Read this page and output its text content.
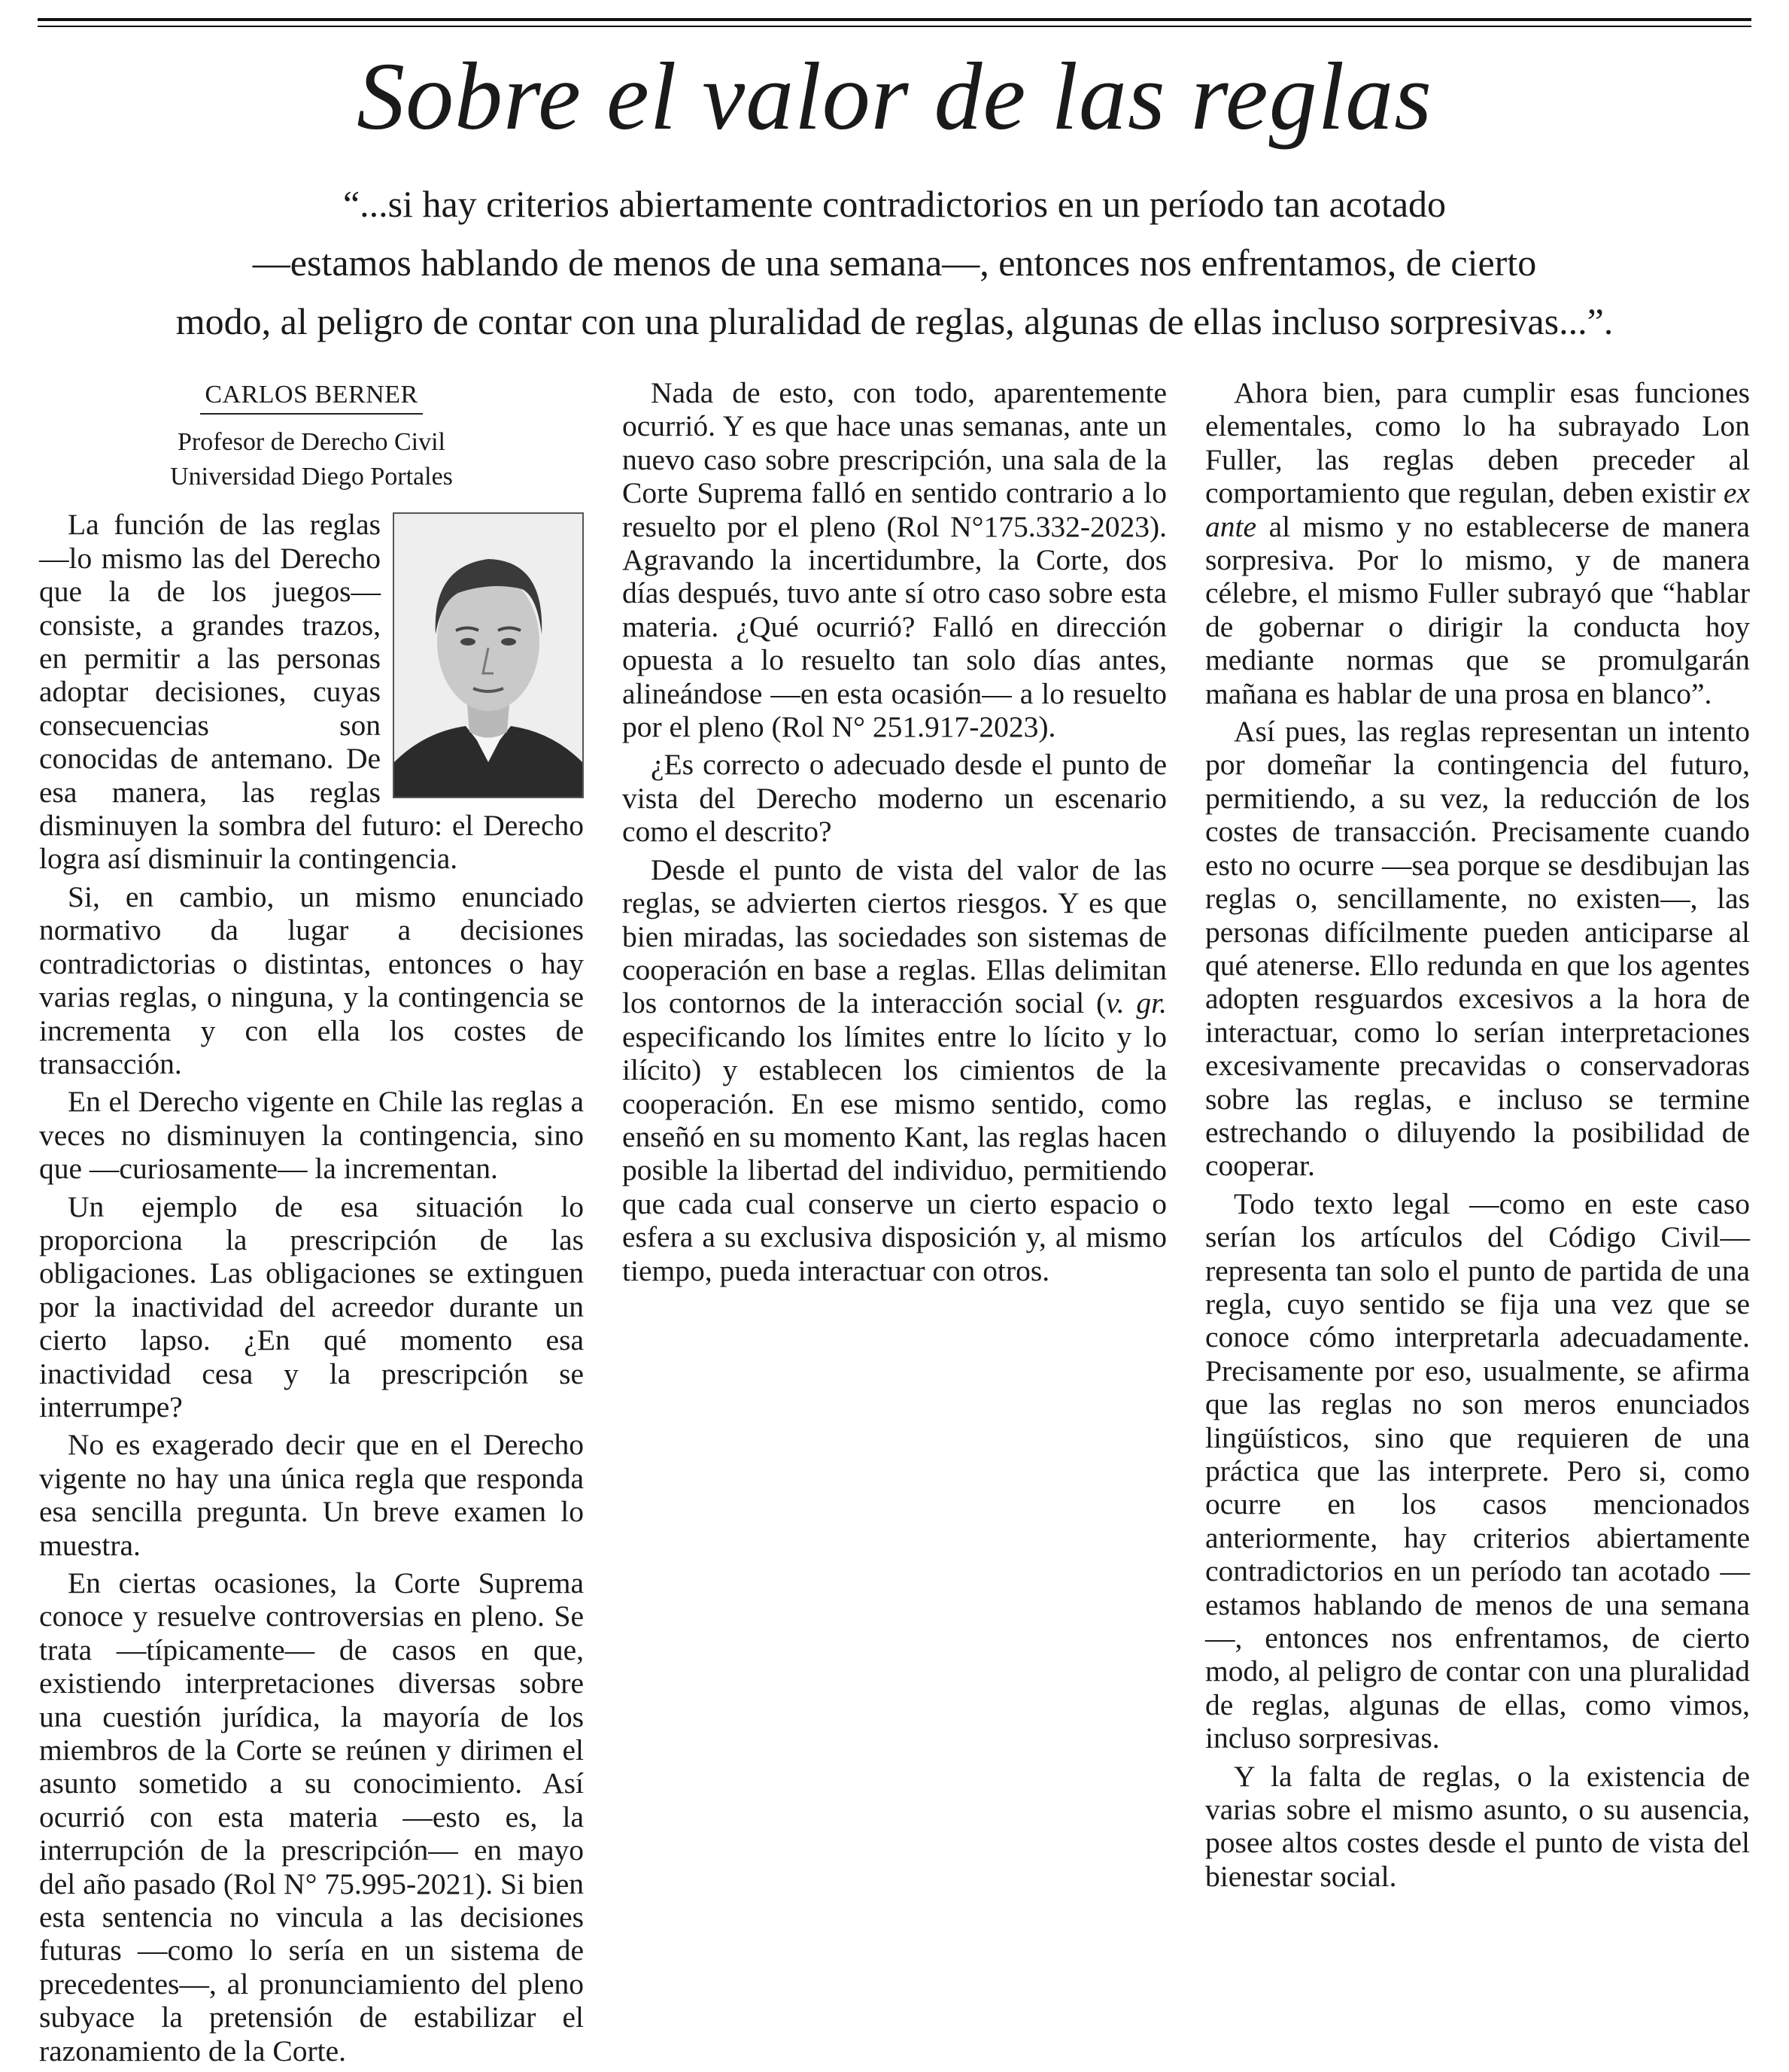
Sobre el valor de las reglas
“...si hay criterios abiertamente contradictorios en un período tan acotado
—estamos hablando de menos de una semana—, entonces nos enfrentamos, de cierto
modo, al peligro de contar con una pluralidad de reglas, algunas de ellas incluso sorpresivas...”.
CARLOS BERNER
Profesor de Derecho Civil
Universidad Diego Portales

La función de las reglas —lo mismo las del Derecho que la de los juegos— consiste, a grandes trazos, en permitir a las personas adoptar decisiones, cuyas consecuencias son conocidas de antemano. De esa manera, las reglas disminuyen la sombra del futuro: el Derecho logra así disminuir la contingencia.

Si, en cambio, un mismo enunciado normativo da lugar a decisiones contradictorias o distintas, entonces o hay varias reglas, o ninguna, y la contingencia se incrementa y con ella los costes de transacción.

En el Derecho vigente en Chile las reglas a veces no disminuyen la contingencia, sino que —curiosamente— la incrementan.

Un ejemplo de esa situación lo proporciona la prescripción de las obligaciones. Las obligaciones se extinguen por la inactividad del acreedor durante un cierto lapso. ¿En qué momento esa inactividad cesa y la prescripción se interrumpe?

No es exagerado decir que en el Derecho vigente no hay una única regla que responda esa sencilla pregunta. Un breve examen lo muestra.

En ciertas ocasiones, la Corte Suprema conoce y resuelve controversias en pleno. Se trata —típicamente— de casos en que, existiendo interpretaciones diversas sobre una cuestión jurídica, la mayoría de los miembros de la Corte se reúnen y dirimen el asunto sometido a su conocimiento. Así ocurrió con esta materia —esto es, la interrupción de la prescripción— en mayo del año pasado (Rol N° 75.995-2021). Si bien esta sentencia no vincula a las decisiones futuras —como lo sería en un sistema de precedentes—, al pronunciamiento del pleno subyace la pretensión de estabilizar el razonamiento de la Corte.

Nada de esto, con todo, aparentemente ocurrió. Y es que hace unas semanas, ante un nuevo caso sobre prescripción, una sala de la Corte Suprema falló en sentido contrario a lo resuelto por el pleno (Rol N°175.332-2023). Agravando la incertidumbre, la Corte, dos días después, tuvo ante sí otro caso sobre esta materia. ¿Qué ocurrió? Falló en dirección opuesta a lo resuelto tan solo días antes, alineándose —en esta ocasión— a lo resuelto por el pleno (Rol N° 251.917-2023).

¿Es correcto o adecuado desde el punto de vista del Derecho moderno un escenario como el descrito?

Desde el punto de vista del valor de las reglas, se advierten ciertos riesgos. Y es que bien miradas, las sociedades son sistemas de cooperación en base a reglas. Ellas delimitan los contornos de la interacción social (v. gr. especificando los límites entre lo lícito y lo ilícito) y establecen los cimientos de la cooperación. En ese mismo sentido, como enseñó en su momento Kant, las reglas hacen posible la libertad del individuo, permitiendo que cada cual conserve un cierto espacio o esfera a su exclusiva disposición y, al mismo tiempo, pueda interactuar con otros.

Ahora bien, para cumplir esas funciones elementales, como lo ha subrayado Lon Fuller, las reglas deben preceder al comportamiento que regulan, deben existir ex ante al mismo y no establecerse de manera sorpresiva. Por lo mismo, y de manera célebre, el mismo Fuller subrayó que “hablar de gobernar o dirigir la conducta hoy mediante normas que se promulgarán mañana es hablar de una prosa en blanco”.

Así pues, las reglas representan un intento por domeñar la contingencia del futuro, permitiendo, a su vez, la reducción de los costes de transacción. Precisamente cuando esto no ocurre —sea porque se desdibujan las reglas o, sencillamente, no existen—, las personas difícilmente pueden anticiparse al qué atenerse. Ello redunda en que los agentes adopten resguardos excesivos a la hora de interactuar, como lo serían interpretaciones excesivamente precavidas o conservadoras sobre las reglas, e incluso se termine estrechando o diluyendo la posibilidad de cooperar.

Todo texto legal —como en este caso serían los artículos del Código Civil— representa tan solo el punto de partida de una regla, cuyo sentido se fija una vez que se conoce cómo interpretarla adecuadamente. Precisamente por eso, usualmente, se afirma que las reglas no son meros enunciados lingüísticos, sino que requieren de una práctica que las interprete. Pero si, como ocurre en los casos mencionados anteriormente, hay criterios abiertamente contradictorios en un período tan acotado —estamos hablando de menos de una semana—, entonces nos enfrentamos, de cierto modo, al peligro de contar con una pluralidad de reglas, algunas de ellas, como vimos, incluso sorpresivas.

Y la falta de reglas, o la existencia de varias sobre el mismo asunto, o su ausencia, posee altos costes desde el punto de vista del bienestar social.
